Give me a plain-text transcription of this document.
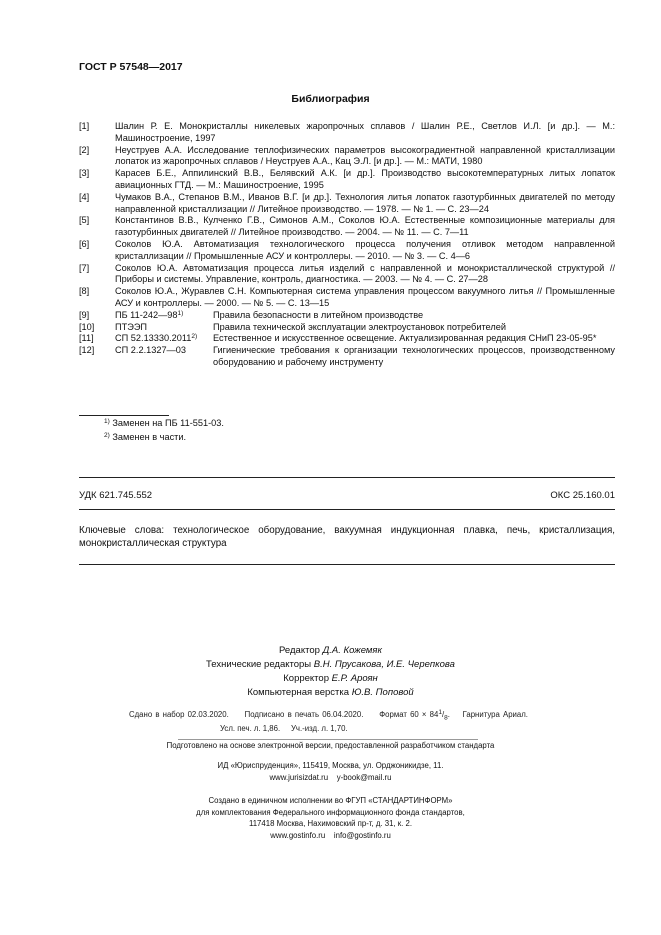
ГОСТ Р 57548—2017
Библиография
[1]	Шалин Р. Е. Монокристаллы никелевых жаропрочных сплавов / Шалин Р.Е., Светлов И.Л. [и др.]. — М.: Машиностроение, 1997
[2]	Неуструев А.А. Исследование теплофизических параметров высокоградиентной направленной кристаллизации лопаток из жаропрочных сплавов / Неуструев А.А., Кац Э.Л. [и др.]. — М.: МАТИ, 1980
[3]	Карасев Б.Е., Аппилинский В.В., Белявский А.К. [и др.]. Производство высокотемпературных литых лопаток авиационных ГТД. — М.: Машиностроение, 1995
[4]	Чумаков В.А., Степанов В.М., Иванов В.Г. [и др.]. Технология литья лопаток газотурбинных двигателей по методу направленной кристаллизации // Литейное производство. — 1978. — № 1. — С. 23—24
[5]	Константинов В.В., Кулченко Г.В., Симонов А.М., Соколов Ю.А. Естественные композиционные материалы для газотурбинных двигателей // Литейное производство. — 2004. — № 11. — С. 7—11
[6]	Соколов Ю.А. Автоматизация технологического процесса получения отливок методом направленной кристаллизации // Промышленные АСУ и контроллеры. — 2010. — № 3. — С. 4—6
[7]	Соколов Ю.А. Автоматизация процесса литья изделий с направленной и монокристаллической структурой // Приборы и системы. Управление, контроль, диагностика. — 2003. — № 4. — С. 27—28
[8]	Соколов Ю.А., Журавлев С.Н. Компьютерная система управления процессом вакуумного литья // Промышленные АСУ и контроллеры. — 2000. — № 5. — С. 13—15
[9]	ПБ 11-242—98$^{1)}$	Правила безопасности в литейном производстве
[10]	ПТЭЭП	Правила технической эксплуатации электроустановок потребителей
[11]	СП 52.13330.2011$^{2)}$	Естественное и искусственное освещение. Актуализированная редакция СНиП 23-05-95*
[12]	СП 2.2.1327—03	Гигиенические требования к организации технологических процессов, производственному оборудованию и рабочему инструменту
$^{1)}$ Заменен на ПБ 11-551-03.
$^{2)}$ Заменен в части.
УДК 621.745.552	ОКС 25.160.01
Ключевые слова: технологическое оборудование, вакуумная индукционная плавка, печь, кристаллизация, монокристаллическая структура
Редактор Д.А. Кожемяк
Технические редакторы В.Н. Прусакова, И.Е. Черепкова
Корректор Е.Р. Ароян
Компьютерная верстка Ю.В. Поповой
Сдано в набор 02.03.2020. Подписано в печать 06.04.2020. Формат $60 \times 84^1/_8$.    Гарнитура Ариал.
Усл. печ. л. 1,86. Уч.-изд. л. 1,70.
Подготовлено на основе электронной версии, предоставленной разработчиком стандарта
ИД «Юриспруденция», 115419, Москва, ул. Орджоникидзе, 11.
www.jurisizdat.ru y-book@mail.ru
Создано в единичном исполнении во ФГУП «СТАНДАРТИНФОРМ»
для комплектования Федерального информационного фонда стандартов,
117418 Москва, Нахимовский пр-т, д. 31, к. 2.
www.gostinfo.ru info@gostinfo.ru
